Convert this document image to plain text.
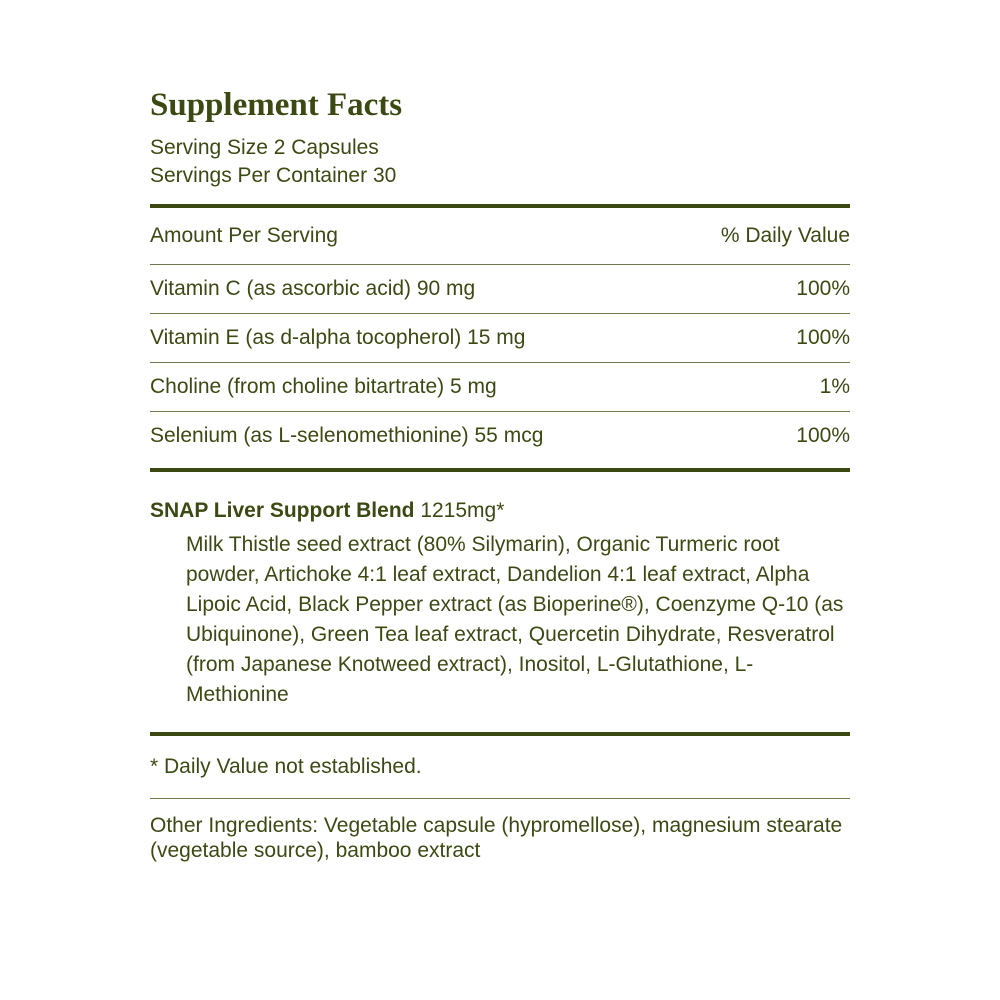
Supplement Facts
Serving Size 2 Capsules
Servings Per Container 30
Amount Per Serving	% Daily Value
Vitamin C (as ascorbic acid) 90 mg	100%
Vitamin E (as d-alpha tocopherol) 15 mg	100%
Choline (from choline bitartrate) 5 mg	1%
Selenium (as L-selenomethionine) 55 mcg	100%
SNAP Liver Support Blend 1215mg*
Milk Thistle seed extract (80% Silymarin), Organic Turmeric root powder, Artichoke 4:1 leaf extract, Dandelion 4:1 leaf extract, Alpha Lipoic Acid, Black Pepper extract (as Bioperine®), Coenzyme Q-10 (as Ubiquinone), Green Tea leaf extract, Quercetin Dihydrate, Resveratrol (from Japanese Knotweed extract), Inositol, L-Glutathione, L-Methionine
* Daily Value not established.
Other Ingredients: Vegetable capsule (hypromellose), magnesium stearate (vegetable source), bamboo extract
